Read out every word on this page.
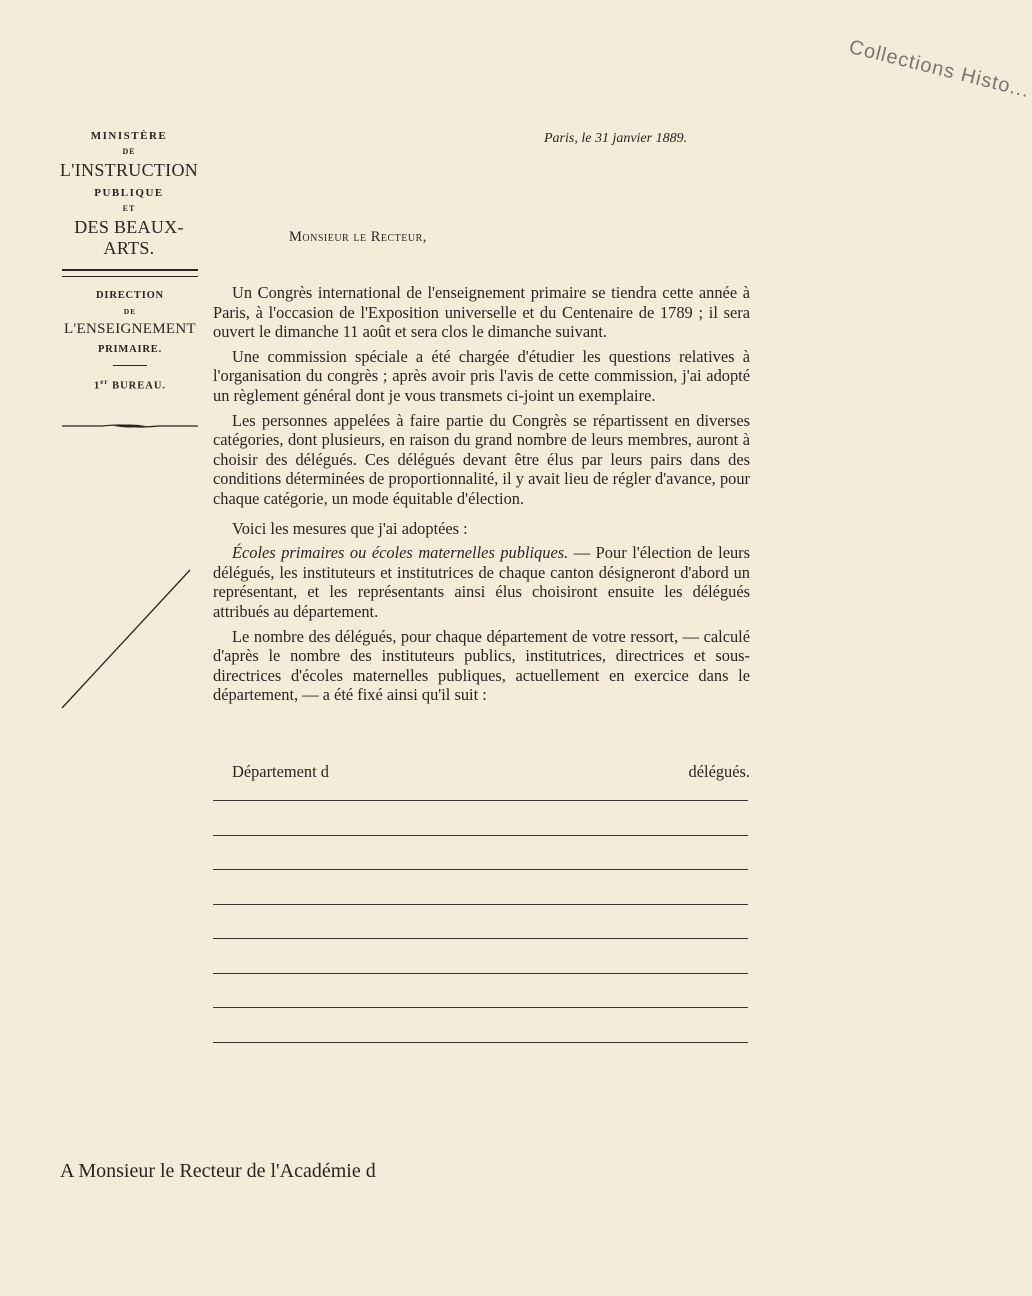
Collections Histo...
MINISTÈRE
DE
L'INSTRUCTION
PUBLIQUE
ET
DES BEAUX-ARTS.
DIRECTION
DE
L'ENSEIGNEMENT
PRIMAIRE.
1er BUREAU.
Paris, le 31 janvier 1889.
Monsieur le Recteur,

Un Congrès international de l'enseignement primaire se tiendra cette année à Paris, à l'occasion de l'Exposition universelle et du Centenaire de 1789 ; il sera ouvert le dimanche 11 août et sera clos le dimanche suivant.

Une commission spéciale a été chargée d'étudier les questions relatives à l'organisation du congrès ; après avoir pris l'avis de cette commission, j'ai adopté un règlement général dont je vous transmets ci-joint un exemplaire.

Les personnes appelées à faire partie du Congrès se répartissent en diverses catégories, dont plusieurs, en raison du grand nombre de leurs membres, auront à choisir des délégués. Ces délégués devant être élus par leurs pairs dans des conditions déterminées de proportionnalité, il y avait lieu de régler d'avance, pour chaque catégorie, un mode équitable d'élection.

Voici les mesures que j'ai adoptées :

Écoles primaires ou écoles maternelles publiques. — Pour l'élection de leurs délégués, les instituteurs et institutrices de chaque canton désigneront d'abord un représentant, et les représentants ainsi élus choisiront ensuite les délégués attribués au département.

Le nombre des délégués, pour chaque département de votre ressort, — calculé d'après le nombre des instituteurs publics, institutrices, directrices et sous-directrices d'écoles maternelles publiques, actuellement en exercice dans le département, — a été fixé ainsi qu'il suit :

Département d	délégués.
A Monsieur le Recteur de l'Académie d
